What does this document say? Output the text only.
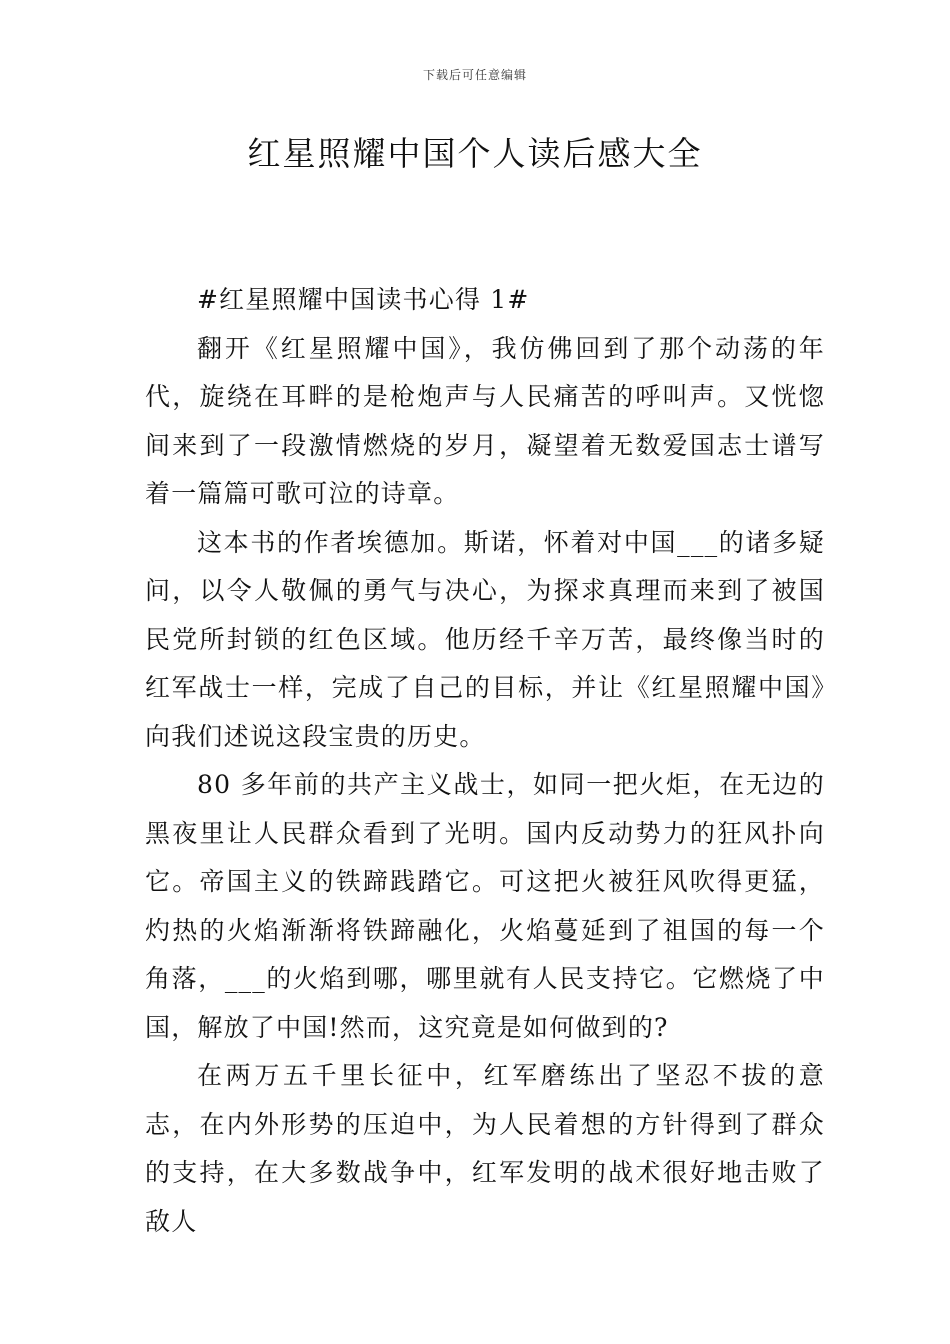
下载后可任意编辑
红星照耀中国个人读后感大全

#红星照耀中国读书心得 1#

翻开《红星照耀中国》，我仿佛回到了那个动荡的年代，旋绕在耳畔的是枪炮声与人民痛苦的呼叫声。又恍惚间来到了一段激情燃烧的岁月，凝望着无数爱国志士谱写着一篇篇可歌可泣的诗章。

这本书的作者埃德加。斯诺，怀着对中国___的诸多疑问，以令人敬佩的勇气与决心，为探求真理而来到了被国民党所封锁的红色区域。他历经千辛万苦，最终像当时的红军战士一样，完成了自己的目标，并让《红星照耀中国》向我们述说这段宝贵的历史。

80 多年前的共产主义战士，如同一把火炬，在无边的黑夜里让人民群众看到了光明。国内反动势力的狂风扑向它。帝国主义的铁蹄践踏它。可这把火被狂风吹得更猛，灼热的火焰渐渐将铁蹄融化，火焰蔓延到了祖国的每一个角落，___的火焰到哪，哪里就有人民支持它。它燃烧了中国，解放了中国!然而，这究竟是如何做到的?

在两万五千里长征中，红军磨练出了坚忍不拔的意志，在内外形势的压迫中，为人民着想的方针得到了群众的支持，在大多数战争中，红军发明的战术很好地击败了敌人
